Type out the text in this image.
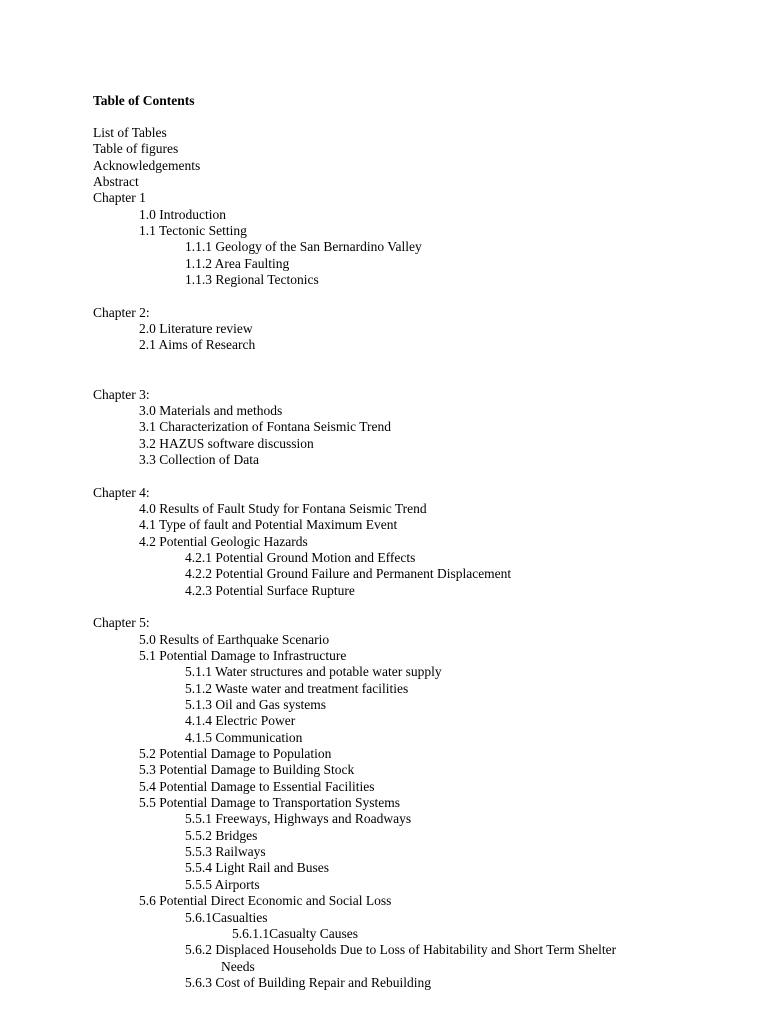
Table of Contents
List of Tables
Table of figures
Acknowledgements
Abstract
Chapter 1
1.0 Introduction
1.1 Tectonic Setting
1.1.1 Geology of the San Bernardino Valley
1.1.2 Area Faulting
1.1.3 Regional Tectonics
Chapter 2:
2.0 Literature review
2.1 Aims of Research
Chapter 3:
3.0 Materials and methods
3.1 Characterization of Fontana Seismic Trend
3.2 HAZUS software discussion
3.3 Collection of Data
Chapter 4:
4.0 Results of Fault Study for Fontana Seismic Trend
4.1 Type of fault and Potential Maximum Event
4.2 Potential Geologic Hazards
4.2.1 Potential Ground Motion and Effects
4.2.2 Potential Ground Failure and Permanent Displacement
4.2.3 Potential Surface Rupture
Chapter 5:
5.0 Results of Earthquake Scenario
5.1 Potential Damage to Infrastructure
5.1.1 Water structures and potable water supply
5.1.2 Waste water and treatment facilities
5.1.3 Oil and Gas systems
4.1.4 Electric Power
4.1.5 Communication
5.2 Potential Damage to Population
5.3 Potential Damage to Building Stock
5.4 Potential Damage to Essential Facilities
5.5 Potential Damage to Transportation Systems
5.5.1 Freeways, Highways and Roadways
5.5.2 Bridges
5.5.3 Railways
5.5.4 Light Rail and Buses
5.5.5 Airports
5.6 Potential Direct Economic and Social Loss
5.6.1Casualties
5.6.1.1Casualty Causes
5.6.2 Displaced Households Due to Loss of Habitability and Short Term Shelter
Needs
5.6.3 Cost of Building Repair and Rebuilding
